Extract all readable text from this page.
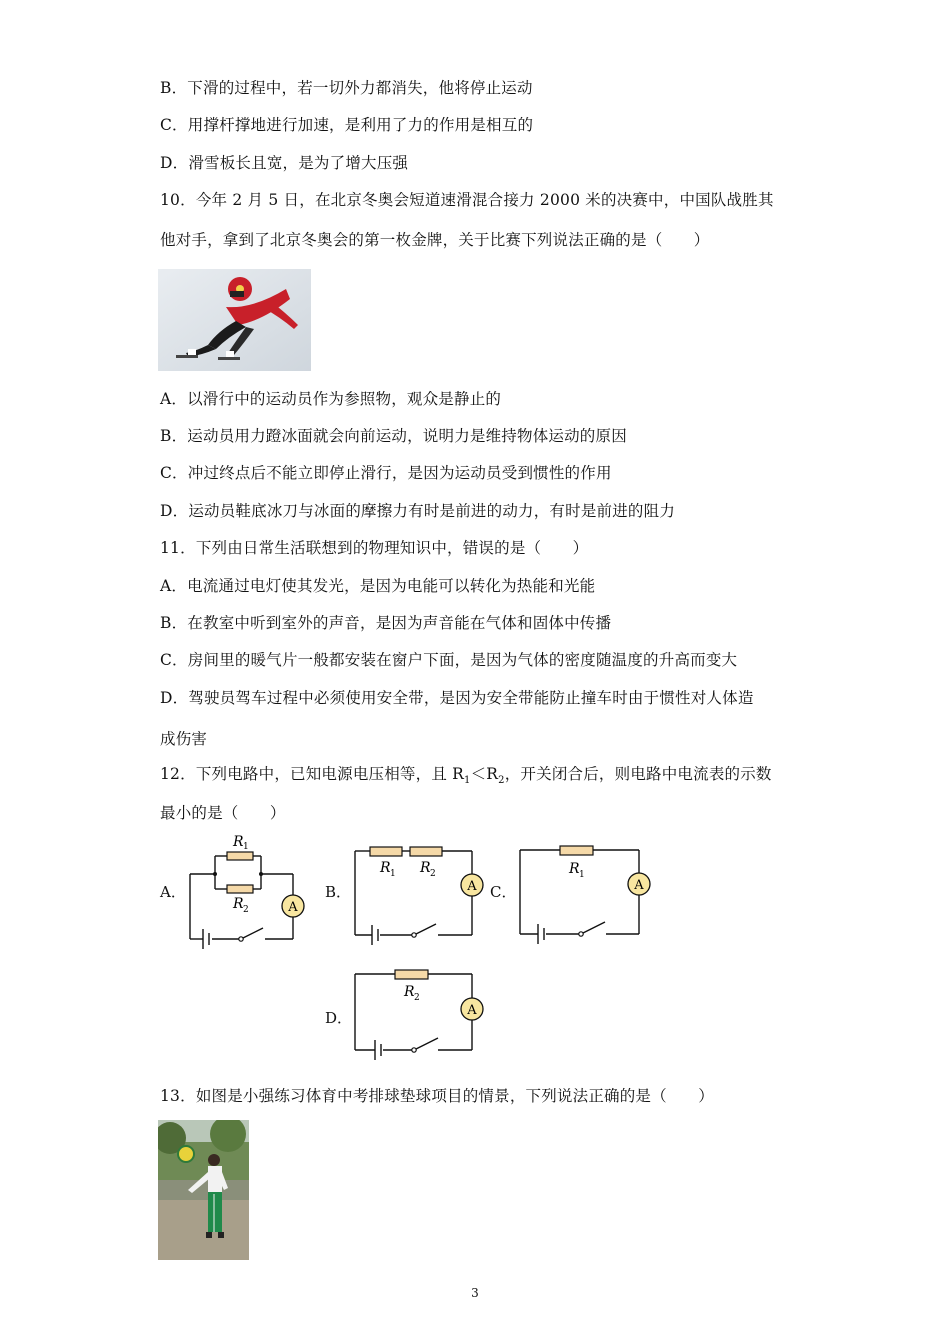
B．下滑的过程中，若一切外力都消失，他将停止运动
C．用撑杆撑地进行加速，是利用了力的作用是相互的
D．滑雪板长且宽，是为了增大压强
10．今年 2 月 5 日，在北京冬奥会短道速滑混合接力 2000 米的决赛中，中国队战胜其
他对手，拿到了北京冬奥会的第一枚金牌，关于比赛下列说法正确的是（　　）
A．以滑行中的运动员作为参照物，观众是静止的
B．运动员用力蹬冰面就会向前运动，说明力是维持物体运动的原因
C．冲过终点后不能立即停止滑行，是因为运动员受到惯性的作用
D．运动员鞋底冰刀与冰面的摩擦力有时是前进的动力，有时是前进的阻力
11．下列由日常生活联想到的物理知识中，错误的是（　　）
A．电流通过电灯使其发光，是因为电能可以转化为热能和光能
B．在教室中听到室外的声音，是因为声音能在气体和固体中传播
C．房间里的暖气片一般都安装在窗户下面，是因为气体的密度随温度的升高而变大
D．驾驶员驾车过程中必须使用安全带，是因为安全带能防止撞车时由于惯性对人体造
成伤害
12．下列电路中，已知电源电压相等，且 $R_1<R_2$，开关闭合后，则电路中电流表的示数
最小的是（　　）
A．
A
R 1
R 2
B．	A
R 1 R 2
C．	A
R 1
D．	A
R 2
13．如图是小强练习体育中考排球垫球项目的情景，下列说法正确的是（　　）
3
